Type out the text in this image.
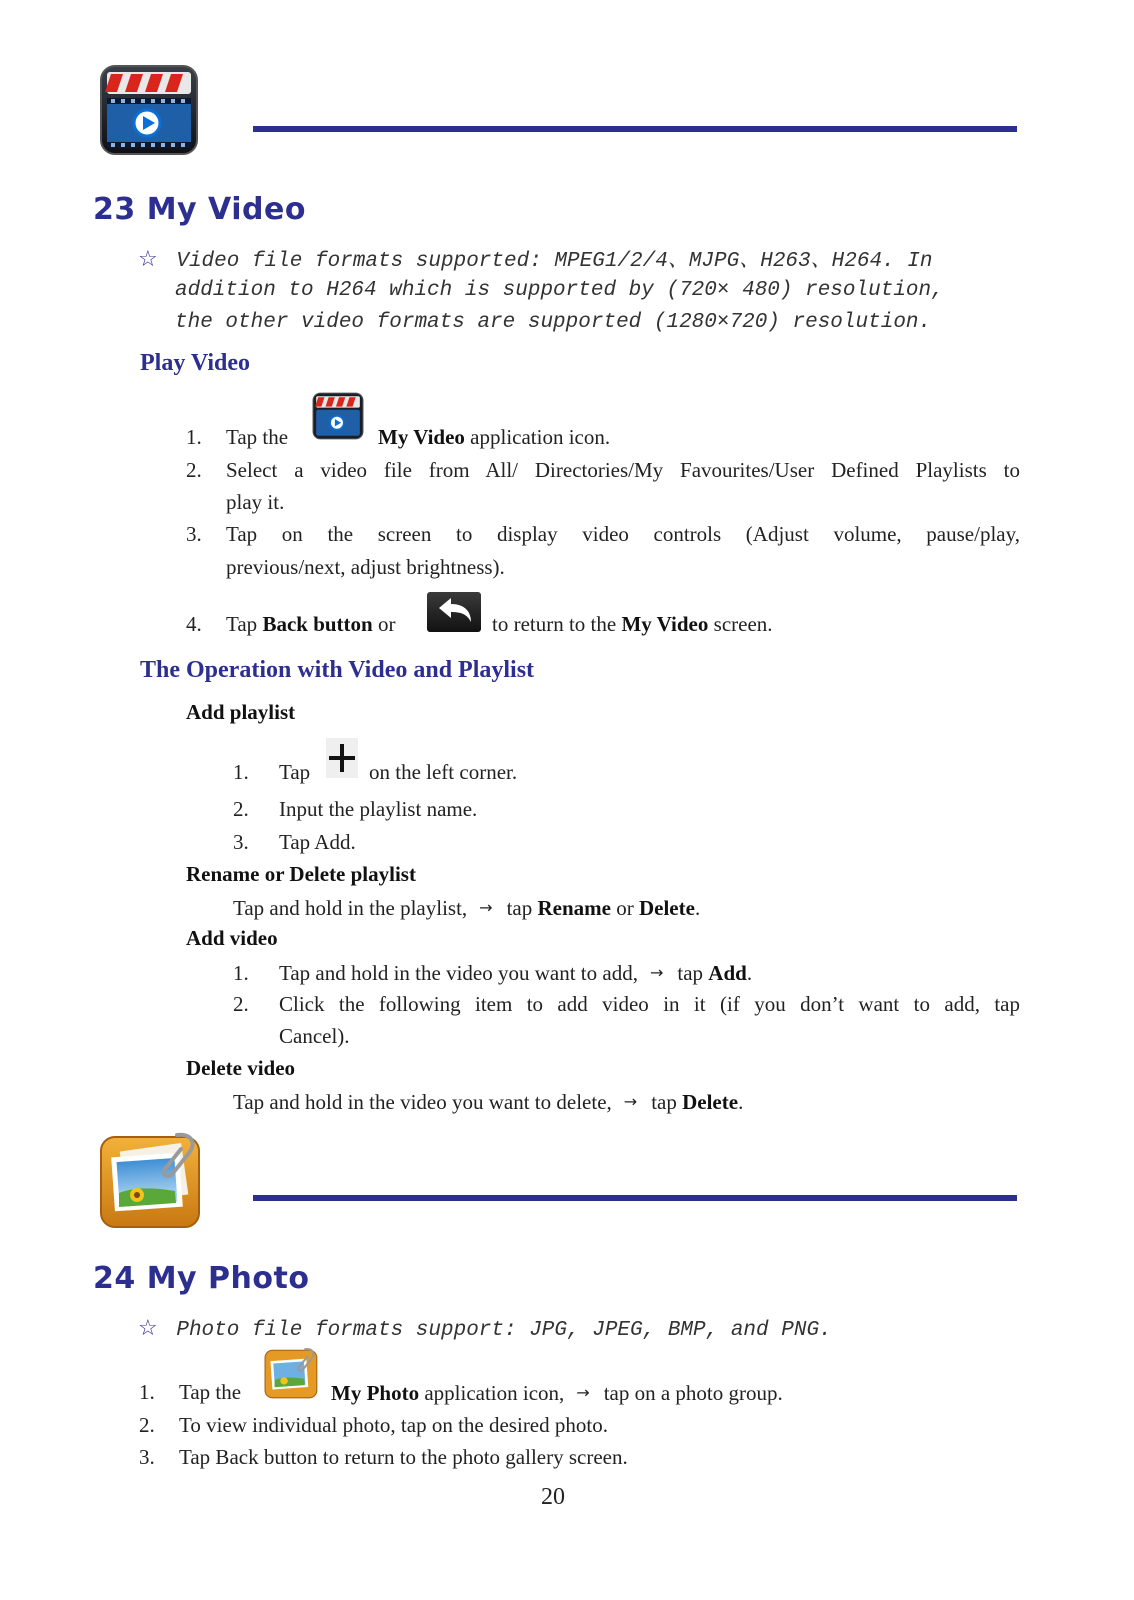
23 My Video
☆ Video file formats supported: MPEG1/2/4、MJPG、H263、H264. In
addition to H264 which is supported by (720× 480) resolution,
the other video formats are supported (1280×720) resolution.
Play Video
1. Tap the	My Video application icon.
2.	Select a video file from All/ Directories/My Favourites/User Defined Playlists to
play it.
3.	Tap on the screen to display video controls (Adjust volume, pause/play,
previous/next, adjust brightness).
4. Tap Back button or	to return to the My Video screen.
The Operation with Video and Playlist
Add playlist
1. Tap	on the left corner.
2. Input the playlist name.
3. Tap Add.
Rename or Delete playlist
Tap and hold in the playlist, → tap Rename or Delete.
Add video
1. Tap and hold in the video you want to add, → tap Add.
2.	Click the following item to add video in it (if you don’t want to add, tap
Cancel).
Delete video
Tap and hold in the video you want to delete, → tap Delete.
24 My Photo
☆ Photo file formats support: JPG, JPEG, BMP, and PNG.
1. Tap the	My Photo application icon, → tap on a photo group.
2. To view individual photo, tap on the desired photo.
3. Tap Back button to return to the photo gallery screen.
20
